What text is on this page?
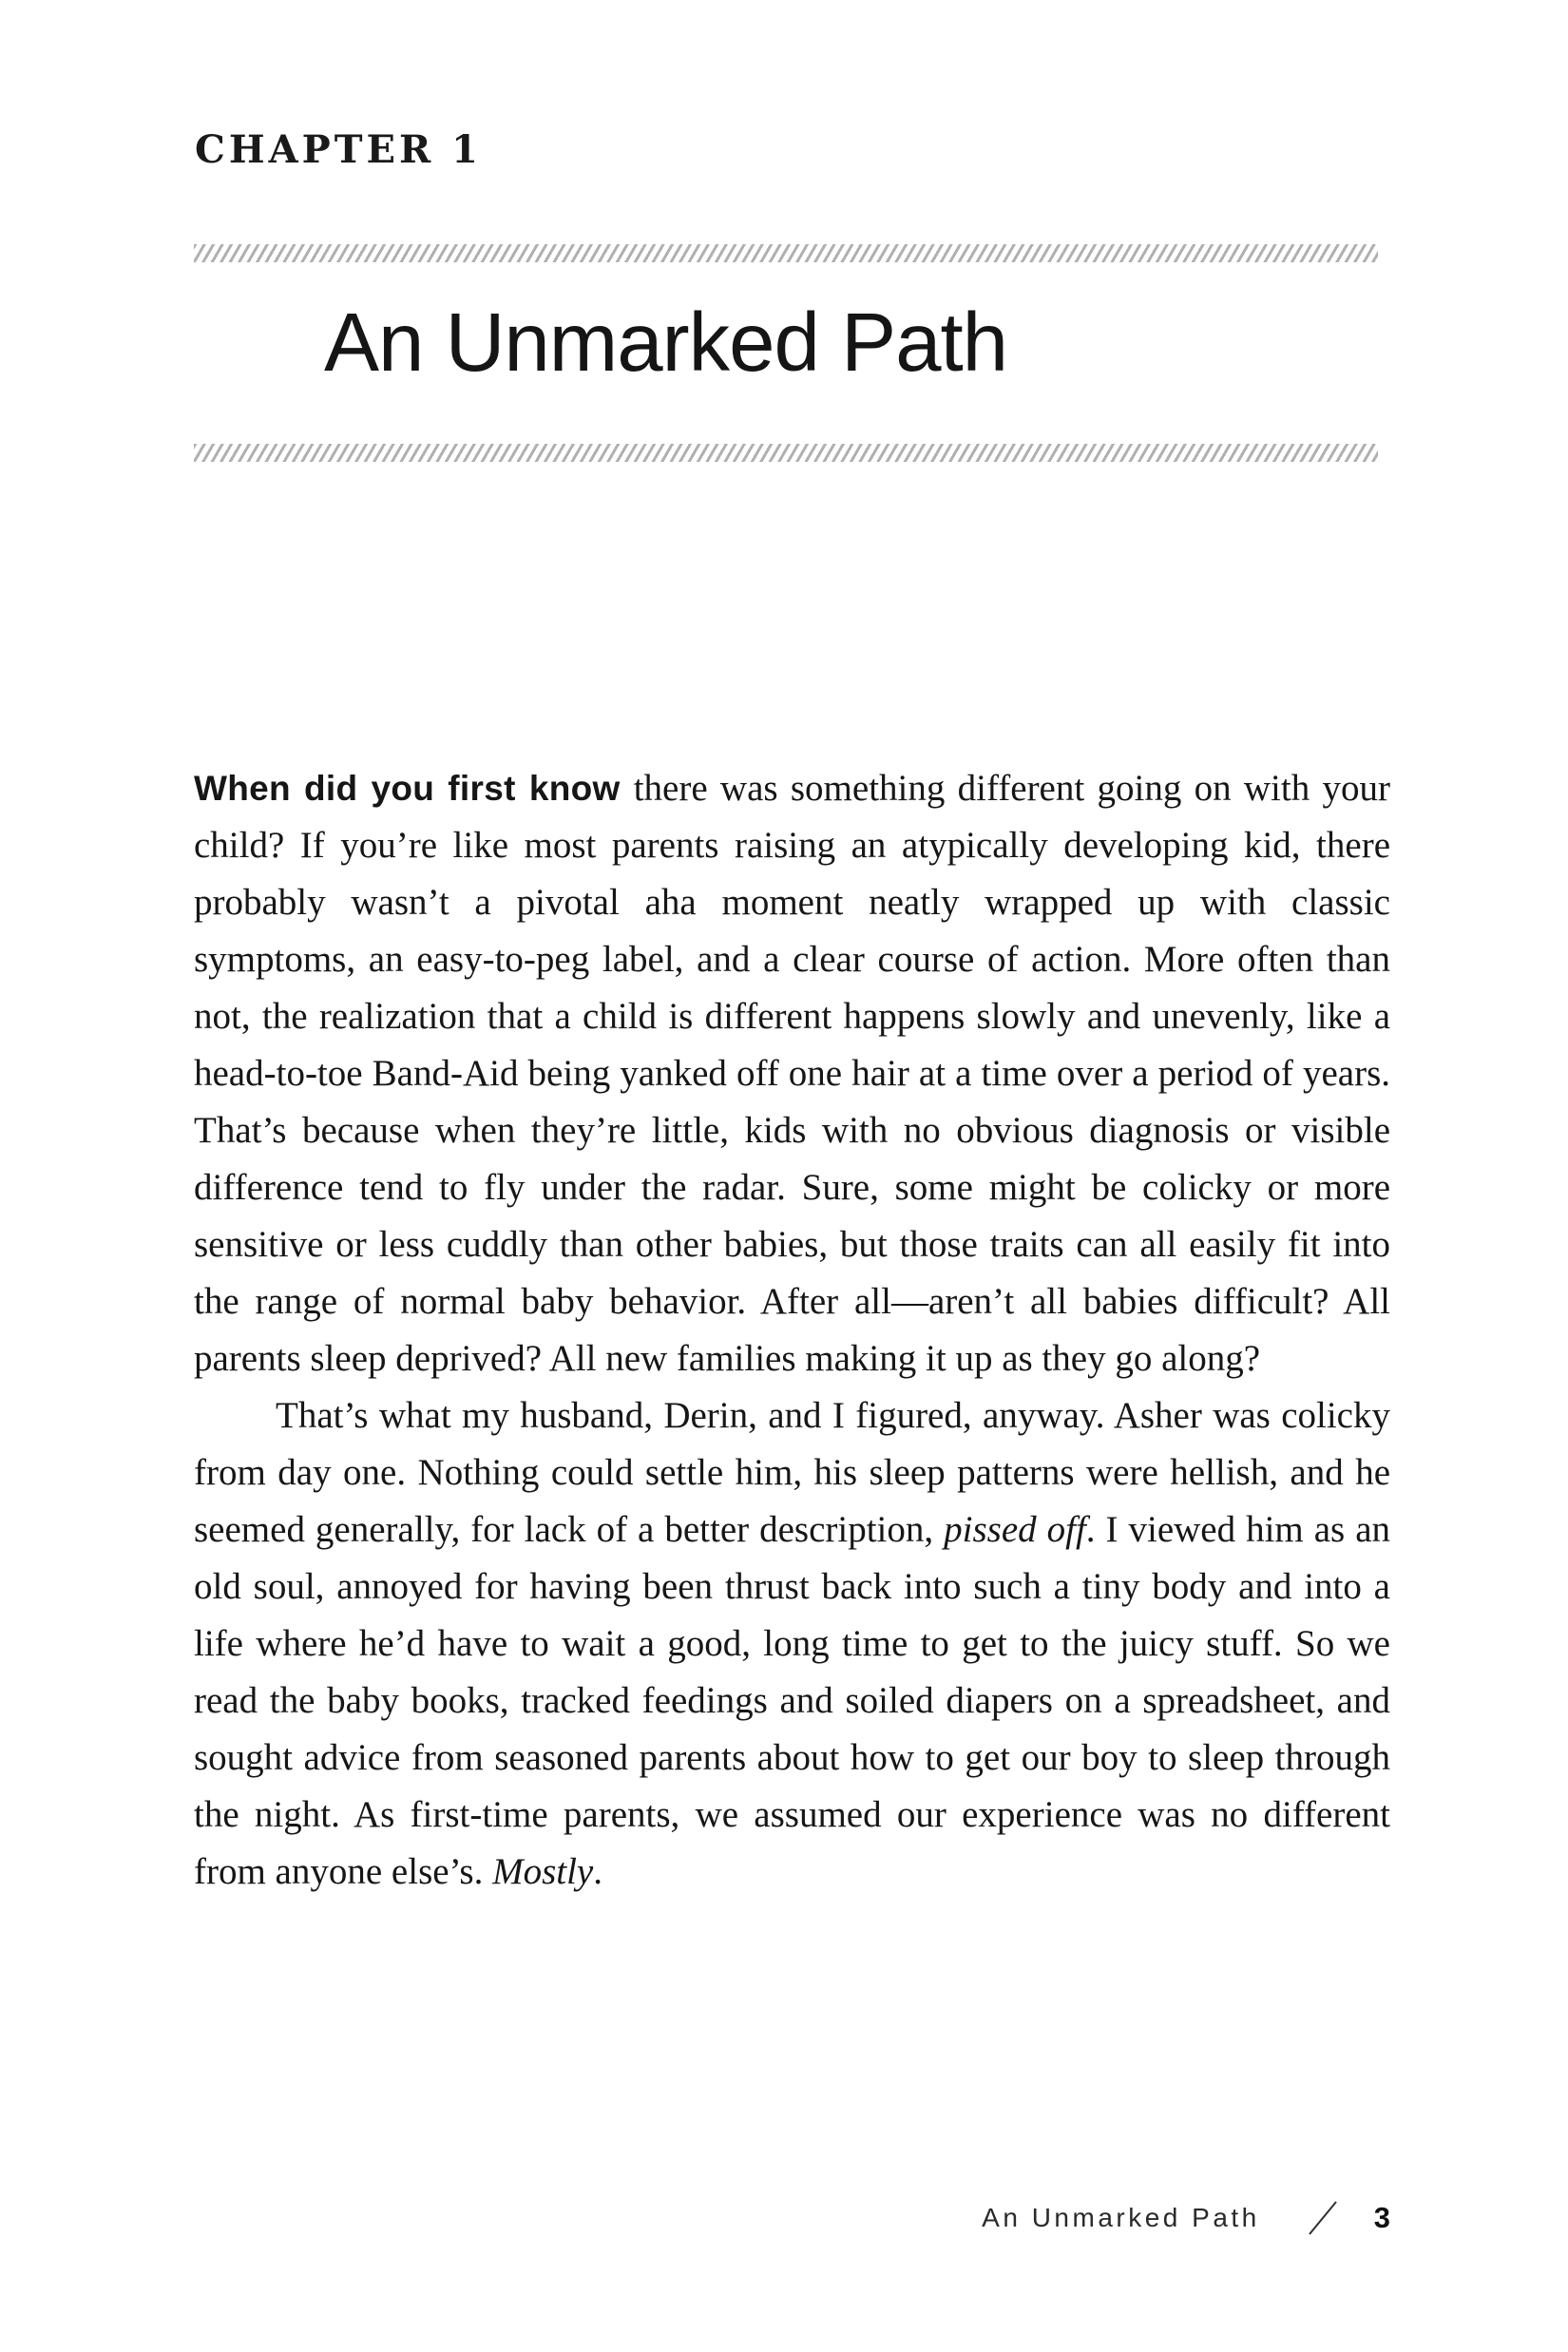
CHAPTER 1
An Unmarked Path

When did you first know there was something different going on with your child? If you’re like most parents raising an atypically developing kid, there probably wasn’t a pivotal aha moment neatly wrapped up with classic symptoms, an easy-to-peg label, and a clear course of action. More often than not, the realization that a child is different happens slowly and unevenly, like a head-to-toe Band-Aid being yanked off one hair at a time over a period of years. That’s because when they’re little, kids with no obvious diagnosis or visible difference tend to fly under the radar. Sure, some might be colicky or more sensitive or less cuddly than other babies, but those traits can all easily fit into the range of normal baby behavior. After all—aren’t all babies difficult? All parents sleep deprived? All new families making it up as they go along?

That’s what my husband, Derin, and I figured, anyway. Asher was colicky from day one. Nothing could settle him, his sleep patterns were hellish, and he seemed generally, for lack of a better description, pissed off. I viewed him as an old soul, annoyed for having been thrust back into such a tiny body and into a life where he’d have to wait a good, long time to get to the juicy stuff. So we read the baby books, tracked feedings and soiled diapers on a spreadsheet, and sought advice from seasoned parents about how to get our boy to sleep through the night. As first-time parents, we assumed our experience was no different from anyone else’s. Mostly.

An Unmarked Path	3
